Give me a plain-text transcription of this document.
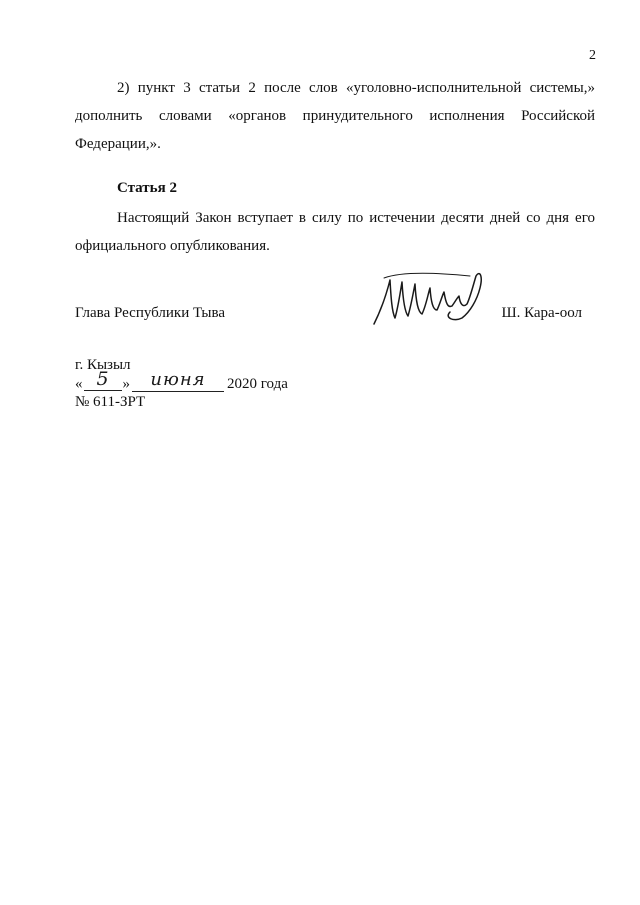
2

2) пункт 3 статьи 2 после слов «уголовно-исполнительной системы,» дополнить словами «органов принудительного исполнения Российской Федерации,».

Статья 2

Настоящий Закон вступает в силу по истечении десяти дней со дня его официального опубликования.

Глава Республики Тыва	Ш. Кара-оол
г. Кызыл
« 5 » июня 2020 года
№ 611-ЗРТ
